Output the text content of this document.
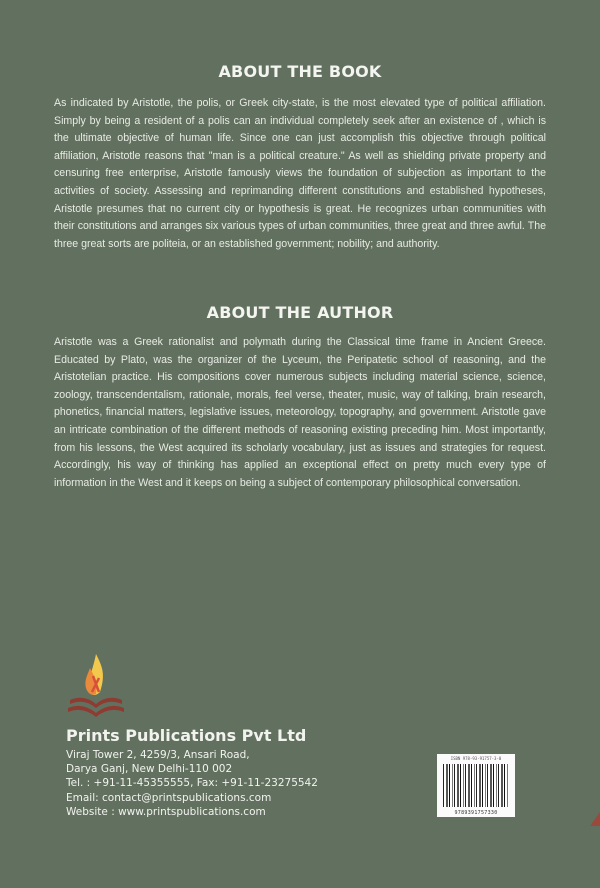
ABOUT THE BOOK

As indicated by Aristotle, the polis, or Greek city-state, is the most elevated type of political affiliation. Simply by being a resident of a polis can an individual completely seek after an existence of , which is the ultimate objective of human life. Since one can just accomplish this objective through political affiliation, Aristotle reasons that "man is a political creature." As well as shielding private property and censuring free enterprise, Aristotle famously views the foundation of subjection as important to the activities of society. Assessing and reprimanding different constitutions and established hypotheses, Aristotle presumes that no current city or hypothesis is great. He recognizes urban communities with their constitutions and arranges six various types of urban communities, three great and three awful. The three great sorts are politeia, or an established government; nobility; and authority.

ABOUT THE AUTHOR

Aristotle was a Greek rationalist and polymath during the Classical time frame in Ancient Greece. Educated by Plato, was the organizer of the Lyceum, the Peripatetic school of reasoning, and the Aristotelian practice. His compositions cover numerous subjects including material science, science, zoology, transcendentalism, rationale, morals, feel verse, theater, music, way of talking, brain research, phonetics, financial matters, legislative issues, meteorology, topography, and government. Aristotle gave an intricate combination of the different methods of reasoning existing preceding him. Most importantly, from his lessons, the West acquired its scholarly vocabulary, just as issues and strategies for request. Accordingly, his way of thinking has applied an exceptional effect on pretty much every type of information in the West and it keeps on being a subject of contemporary philosophical conversation.

Prints Publications Pvt Ltd
Viraj Tower 2, 4259/3, Ansari Road,
Darya Ganj, New Delhi-110 002
Tel. : +91-11-45355555, Fax: +91-11-23275542
Email: contact@printspublications.com
Website : www.printspublications.com
ISBN 978-93-91757-3-0
9789391757330
